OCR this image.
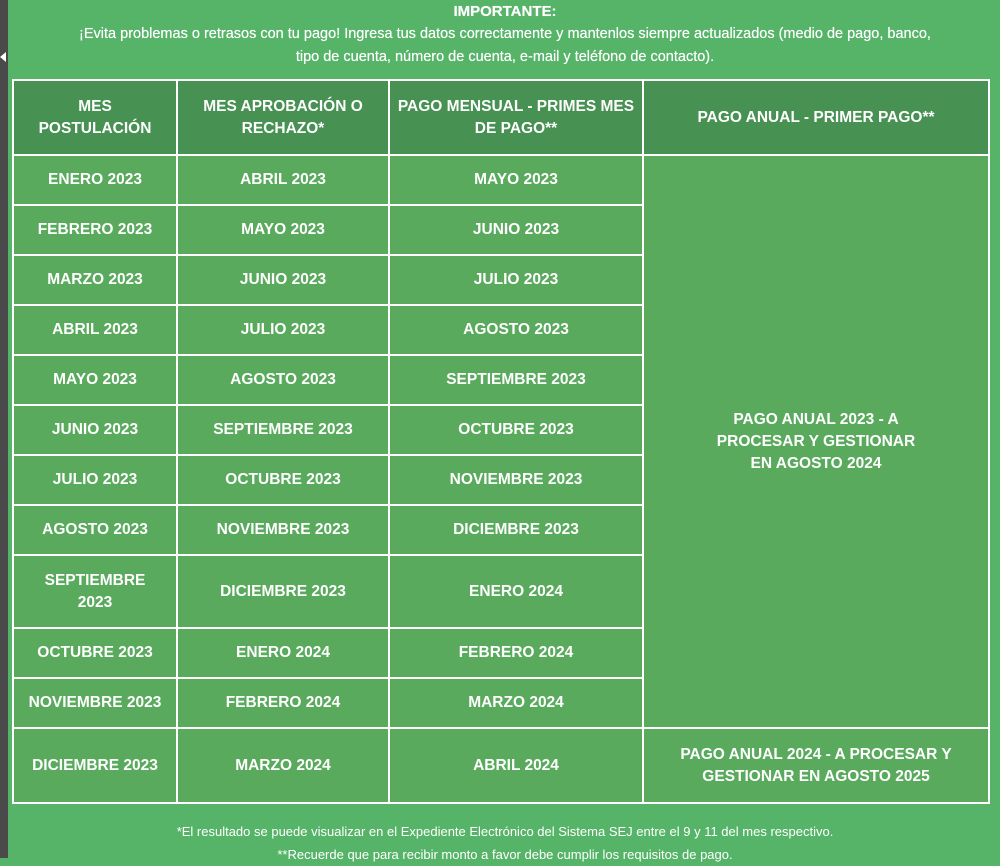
IMPORTANTE:
¡Evita problemas o retrasos con tu pago! Ingresa tus datos correctamente y mantenlos siempre actualizados (medio de pago, banco,
tipo de cuenta, número de cuenta, e-mail y teléfono de contacto).
MES POSTULACIÓN	MES APROBACIÓN O RECHAZO*	PAGO MENSUAL - PRIMES MES DE PAGO**	PAGO ANUAL - PRIMER PAGO**
ENERO 2023	ABRIL 2023	MAYO 2023	PAGO ANUAL 2023 - A PROCESAR Y GESTIONAR EN AGOSTO 2024
FEBRERO 2023	MAYO 2023	JUNIO 2023	
MARZO 2023	JUNIO 2023	JULIO 2023	
ABRIL 2023	JULIO 2023	AGOSTO 2023	
MAYO 2023	AGOSTO 2023	SEPTIEMBRE 2023	
JUNIO 2023	SEPTIEMBRE 2023	OCTUBRE 2023	
JULIO 2023	OCTUBRE 2023	NOVIEMBRE 2023	
AGOSTO 2023	NOVIEMBRE 2023	DICIEMBRE 2023	
SEPTIEMBRE 2023	DICIEMBRE 2023	ENERO 2024	
OCTUBRE 2023	ENERO 2024	FEBRERO 2024	
NOVIEMBRE 2023	FEBRERO 2024	MARZO 2024	
DICIEMBRE 2023	MARZO 2024	ABRIL 2024	PAGO ANUAL 2024 - A PROCESAR Y GESTIONAR EN AGOSTO 2025
*El resultado se puede visualizar en el Expediente Electrónico del Sistema SEJ entre el 9 y 11 del mes respectivo.
**Recuerde que para recibir monto a favor debe cumplir los requisitos de pago.
